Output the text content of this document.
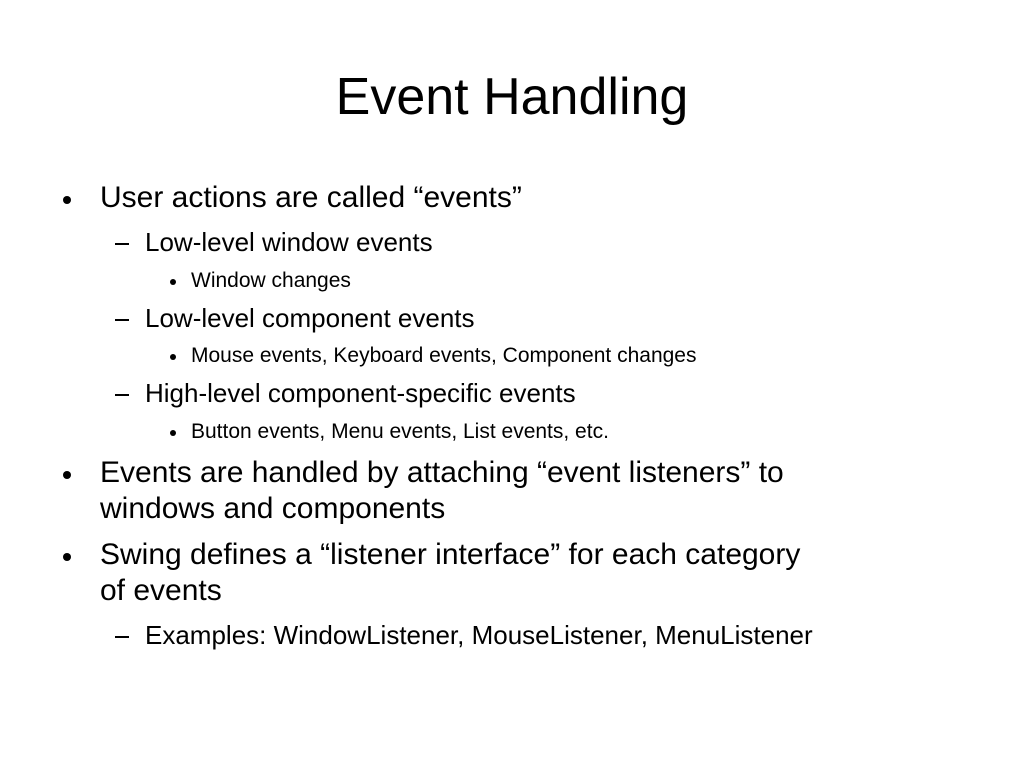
Event Handling
User actions are called “events”
Low-level window events
Window changes
Low-level component events
Mouse events, Keyboard events, Component changes
High-level component-specific events
Button events, Menu events, List events, etc.
Events are handled by attaching “event listeners” to
windows and components
Swing defines a “listener interface” for each category
of events
Examples: WindowListener, MouseListener, MenuListener
